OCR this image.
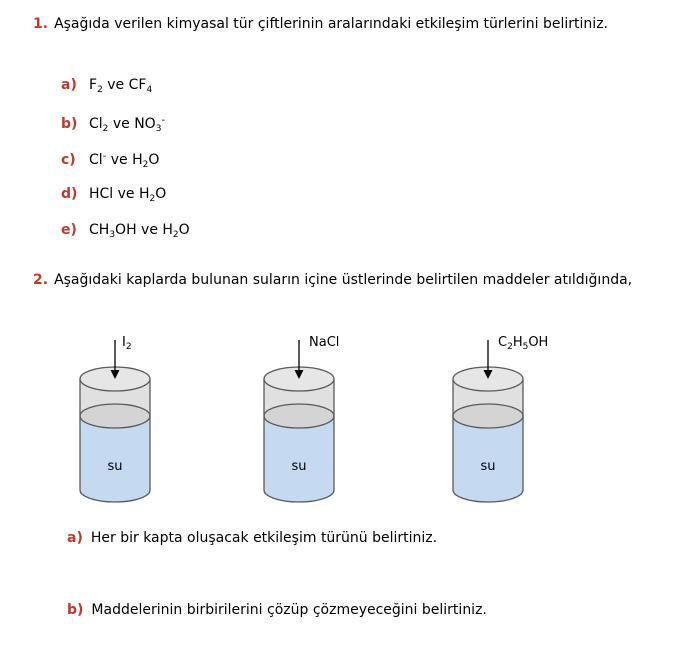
1. Aşağıda verilen kimyasal tür çiftlerinin aralarındaki etkileşim türlerini belirtiniz.
a) $F_2$ ve $CF_4$
b) $Cl_2$ ve $NO_3^-$
c) Cl- ve $H_2O$
d) HCl ve $H_2O$
e) $CH_3OH$ ve $H_2O$
2. Aşağıdaki kaplarda bulunan suların içine üstlerinde belirtilen maddeler atıldığında,
$I_2$
su
NaCl
su
$C_2H_5OH$
su
a) Her bir kapta oluşacak etkileşim türünü belirtiniz.
b) Maddelerinin birbirilerini çözüp çözmeyeceğini belirtiniz.
